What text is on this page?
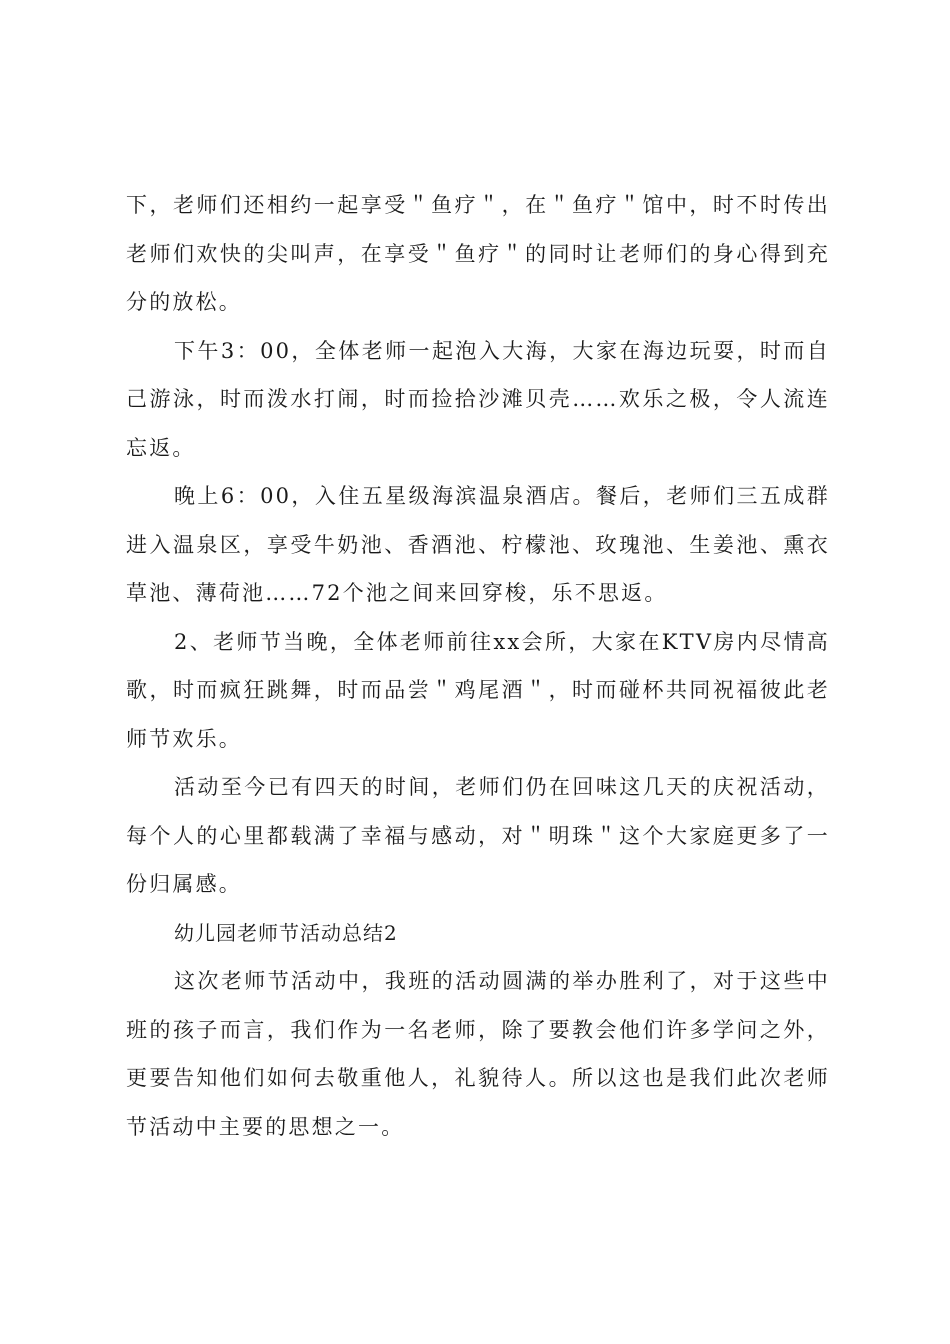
下，老师们还相约一起享受＂鱼疗＂，在＂鱼疗＂馆中，时不时传出老师们欢快的尖叫声，在享受＂鱼疗＂的同时让老师们的身心得到充分的放松。

下午3：00，全体老师一起泡入大海，大家在海边玩耍，时而自己游泳，时而泼水打闹，时而捡拾沙滩贝壳……欢乐之极，令人流连忘返。

晚上6：00，入住五星级海滨温泉酒店。餐后，老师们三五成群进入温泉区，享受牛奶池、香酒池、柠檬池、玫瑰池、生姜池、熏衣草池、薄荷池……72个池之间来回穿梭，乐不思返。

2、老师节当晚，全体老师前往xx会所，大家在KTV房内尽情高歌，时而疯狂跳舞，时而品尝＂鸡尾酒＂，时而碰杯共同祝福彼此老师节欢乐。

活动至今已有四天的时间，老师们仍在回味这几天的庆祝活动，每个人的心里都载满了幸福与感动，对＂明珠＂这个大家庭更多了一份归属感。

幼儿园老师节活动总结2

这次老师节活动中，我班的活动圆满的举办胜利了，对于这些中班的孩子而言，我们作为一名老师，除了要教会他们许多学问之外，更要告知他们如何去敬重他人，礼貌待人。所以这也是我们此次老师节活动中主要的思想之一。
